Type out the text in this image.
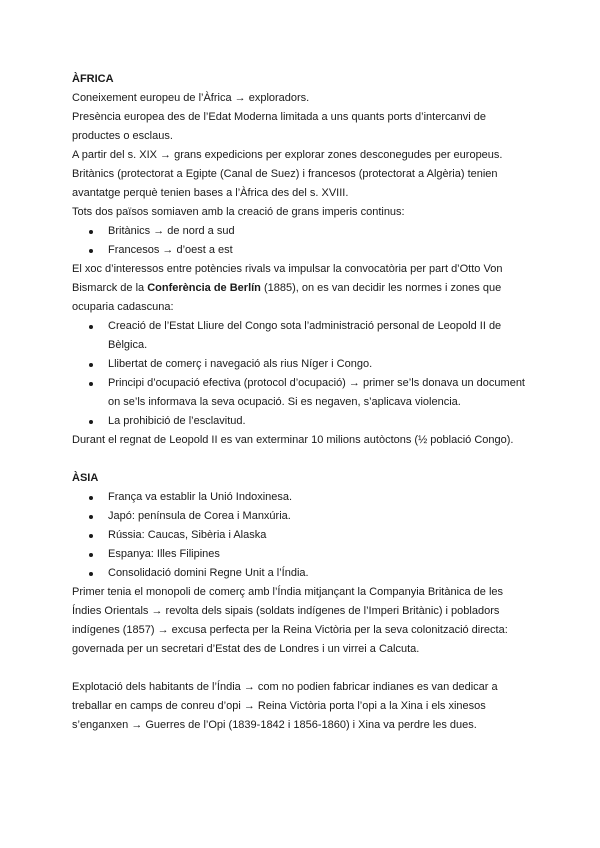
ÀFRICA

Coneixement europeu de l’Àfrica → exploradors.

Presència europea des de l’Edat Moderna limitada a uns quants ports d’intercanvi de productes o esclaus.

A partir del s. XIX → grans expedicions per explorar zones desconegudes per europeus.

Britànics (protectorat a Egipte (Canal de Suez) i francesos (protectorat a Algèria) tenien avantatge perquè tenien bases a l’Àfrica des del s. XVIII.

Tots dos països somiaven amb la creació de grans imperis continus:

Britànics → de nord a sud
Francesos → d’oest a est

El xoc d’interessos entre potències rivals va impulsar la convocatòria per part d’Otto Von Bismarck de la Conferència de Berlín (1885), on es van decidir les normes i zones que ocuparia cadascuna:

Creació de l’Estat Lliure del Congo sota l’administració personal de Leopold II de Bèlgica.
Llibertat de comerç i navegació als rius Níger i Congo.
Principi d’ocupació efectiva (protocol d’ocupació) → primer se’ls donava un document on se’ls informava la seva ocupació. Si es negaven, s’aplicava violencia.
La prohibició de l’esclavitud.

Durant el regnat de Leopold II es van exterminar 10 milions autòctons (½ població Congo).

ÀSIA

França va establir la Unió Indoxinesa.
Japó: península de Corea i Manxúria.
Rússia: Caucas, Sibèria i Alaska
Espanya: Illes Filipines
Consolidació domini Regne Unit a l’Índia.

Primer tenia el monopoli de comerç amb l’Índia mitjançant la Companyia Britànica de les Índies Orientals → revolta dels sipais (soldats indígenes de l’Imperi Britànic) i pobladors indígenes (1857) → excusa perfecta per la Reina Victòria per la seva colonització directa: governada per un secretari d’Estat des de Londres i un virrei a Calcuta.

Explotació dels habitants de l’Índia → com no podien fabricar indianes es van dedicar a treballar en camps de conreu d’opi → Reina Victòria porta l’opi a la Xina i els xinesos s’enganxen → Guerres de l’Opi (1839-1842 i 1856-1860) i Xina va perdre les dues.
